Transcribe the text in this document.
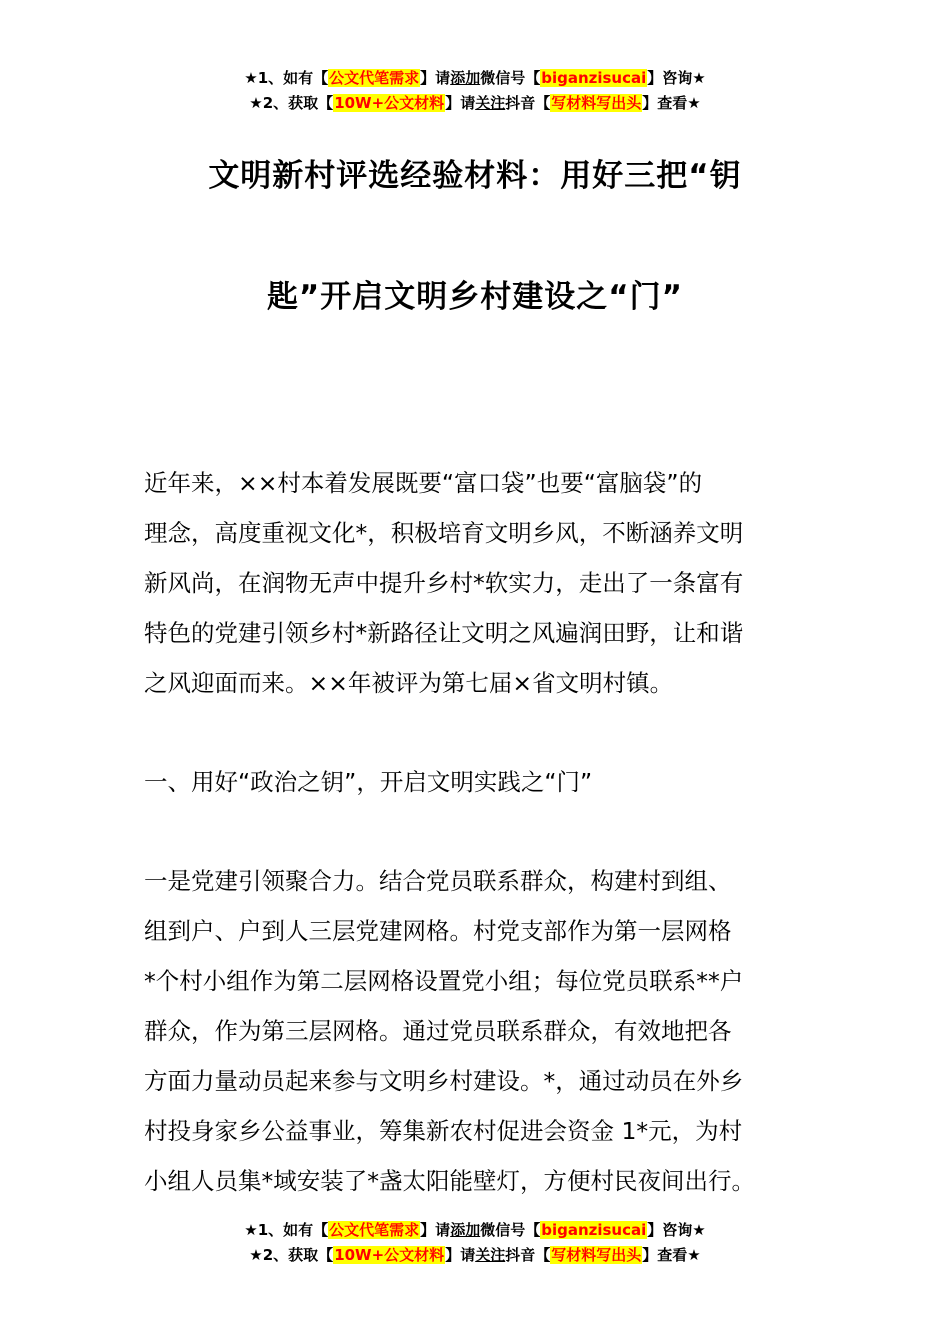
★1、如有【公文代笔需求】请添加微信号【biganzisucai】咨询★
★2、获取【10W+公文材料】请关注抖音【写材料写出头】查看★
文明新村评选经验材料：用好三把“钥
匙”开启文明乡村建设之“门”
近年来，××村本着发展既要“富口袋”也要“富脑袋”的
理念，高度重视文化*，积极培育文明乡风，不断涵养文明
新风尚，在润物无声中提升乡村*软实力，走出了一条富有
特色的党建引领乡村*新路径让文明之风遍润田野，让和谐
之风迎面而来。××年被评为第七届×省文明村镇。
一、用好“政治之钥”，开启文明实践之“门”
一是党建引领聚合力。结合党员联系群众，构建村到组、
组到户、户到人三层党建网格。村党支部作为第一层网格
*个村小组作为第二层网格设置党小组；每位党员联系**户
群众，作为第三层网格。通过党员联系群众，有效地把各
方面力量动员起来参与文明乡村建设。*，通过动员在外乡
村投身家乡公益事业，筹集新农村促进会资金 1*元，为村
小组人员集*域安装了*盏太阳能壁灯，方便村民夜间出行。
★1、如有【公文代笔需求】请添加微信号【biganzisucai】咨询★
★2、获取【10W+公文材料】请关注抖音【写材料写出头】查看★
